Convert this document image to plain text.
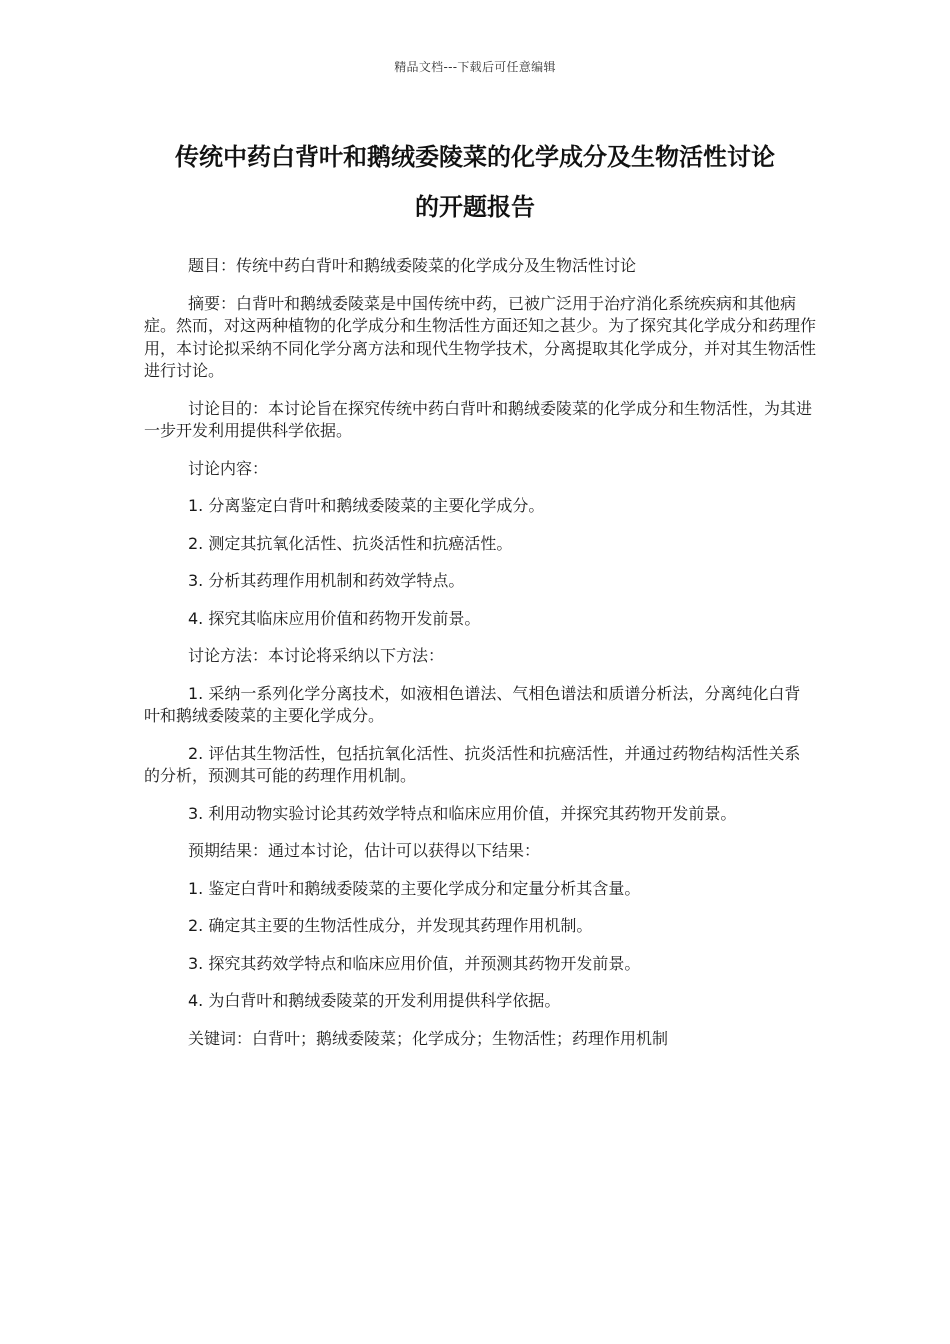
精品文档---下载后可任意编辑
传统中药白背叶和鹅绒委陵菜的化学成分及生物活性讨论
的开题报告

题目：传统中药白背叶和鹅绒委陵菜的化学成分及生物活性讨论

摘要：白背叶和鹅绒委陵菜是中国传统中药，已被广泛用于治疗消化系统疾病和其他病症。然而，对这两种植物的化学成分和生物活性方面还知之甚少。为了探究其化学成分和药理作用，本讨论拟采纳不同化学分离方法和现代生物学技术，分离提取其化学成分，并对其生物活性进行讨论。

讨论目的：本讨论旨在探究传统中药白背叶和鹅绒委陵菜的化学成分和生物活性，为其进一步开发利用提供科学依据。

讨论内容：

1. 分离鉴定白背叶和鹅绒委陵菜的主要化学成分。

2. 测定其抗氧化活性、抗炎活性和抗癌活性。

3. 分析其药理作用机制和药效学特点。

4. 探究其临床应用价值和药物开发前景。

讨论方法：本讨论将采纳以下方法：

1. 采纳一系列化学分离技术，如液相色谱法、气相色谱法和质谱分析法，分离纯化白背叶和鹅绒委陵菜的主要化学成分。

2. 评估其生物活性，包括抗氧化活性、抗炎活性和抗癌活性，并通过药物结构活性关系的分析，预测其可能的药理作用机制。

3. 利用动物实验讨论其药效学特点和临床应用价值，并探究其药物开发前景。

预期结果：通过本讨论，估计可以获得以下结果：

1. 鉴定白背叶和鹅绒委陵菜的主要化学成分和定量分析其含量。

2. 确定其主要的生物活性成分，并发现其药理作用机制。

3. 探究其药效学特点和临床应用价值，并预测其药物开发前景。

4. 为白背叶和鹅绒委陵菜的开发利用提供科学依据。

关键词：白背叶；鹅绒委陵菜；化学成分；生物活性；药理作用机制
